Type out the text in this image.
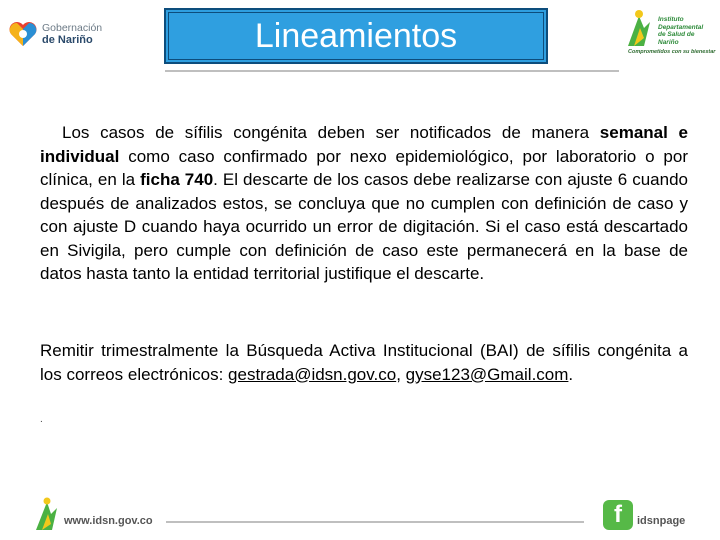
Gobernación
de Nariño	Lineamientos	Instituto
Departamental
de Salud de Nariño
Comprometidos con su bienestar
Los casos de sífilis congénita deben ser notificados de manera semanal e individual como caso confirmado por nexo epidemiológico, por laboratorio o por clínica, en la ficha 740. El descarte de los casos debe realizarse con ajuste 6 cuando después de analizados estos, se concluya que no cumplen con definición de caso y con ajuste D cuando haya ocurrido un error de digitación. Si el caso está descartado en Sivigila, pero cumple con definición de caso este permanecerá en la base de datos hasta tanto la entidad territorial justifique el descarte.
Remitir trimestralmente la Búsqueda Activa Institucional (BAI) de sífilis congénita a los correos electrónicos: gestrada@idsn.gov.co, gyse123@Gmail.com.
.
www.idsn.gov.co	f	idsnpage
